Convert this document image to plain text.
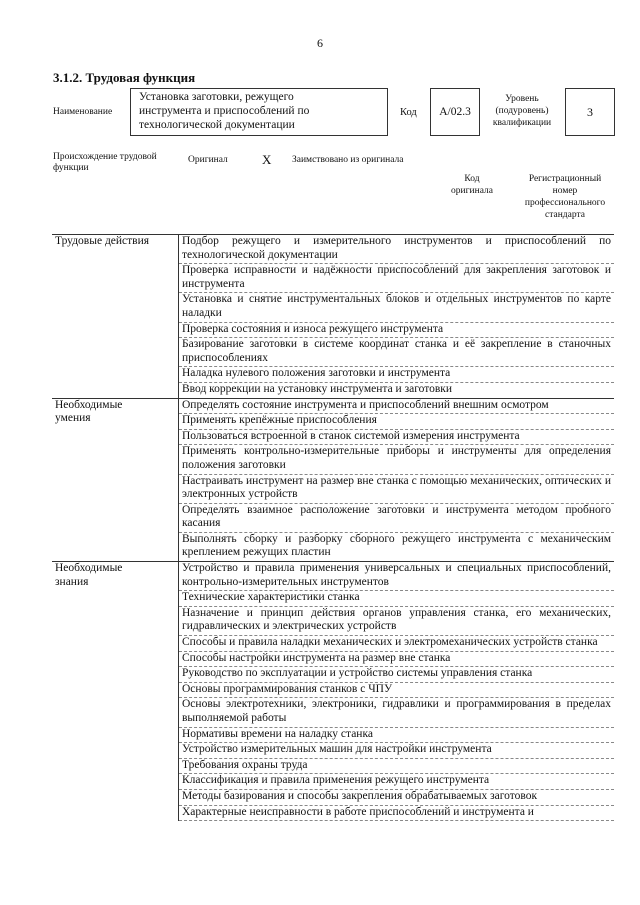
6
3.1.2. Трудовая функция
Наименование
Установка заготовки, режущего
инструмента и приспособлений по
технологической документации
Код	A/02.3
Уровень
(подуровень)
квалификации
3
Происхождение трудовой
функции
Оригинал	X Заимствовано из оригинала
Код
оригинала
Регистрационный
номер
профессионального
стандарта
Трудовые действия	Подбор режущего и измерительного инструментов и приспособлений по технологической документации
	Проверка исправности и надёжности приспособлений для закрепления заготовок и инструмента
	Установка и снятие инструментальных блоков и отдельных инструментов по карте наладки
	Проверка состояния и износа режущего инструмента
	Базирование заготовки в системе координат станка и её закрепление в станочных приспособлениях
	Наладка нулевого положения заготовки и инструмента
	Ввод коррекции на установку инструмента и заготовки

Необходимые
умения	Определять состояние инструмента и приспособлений внешним осмотром
	Применять крепёжные приспособления
	Пользоваться встроенной в станок системой измерения инструмента
	Применять контрольно-измерительные приборы и инструменты для определения положения заготовки
	Настраивать инструмент на размер вне станка с помощью механических, оптических и электронных устройств
	Определять взаимное расположение заготовки и инструмента методом пробного касания
	Выполнять сборку и разборку сборного режущего инструмента с механическим креплением режущих пластин

Необходимые
знания	Устройство и правила применения универсальных и специальных приспособлений, контрольно-измерительных инструментов
	Технические характеристики станка
	Назначение и принцип действия органов управления станка, его механических, гидравлических и электрических устройств
	Способы и правила наладки механических и электромеханических устройств станка
	Способы настройки инструмента на размер вне станка
	Руководство по эксплуатации и устройство системы управления станка
	Основы программирования станков с ЧПУ
	Основы электротехники, электроники, гидравлики и программирования в пределах выполняемой работы
	Нормативы времени на наладку станка
	Устройство измерительных машин для настройки инструмента
	Требования охраны труда
	Классификация и правила применения режущего инструмента
	Методы базирования и способы закрепления обрабатываемых заготовок
	Характерные неисправности в работе приспособлений и инструмента и
